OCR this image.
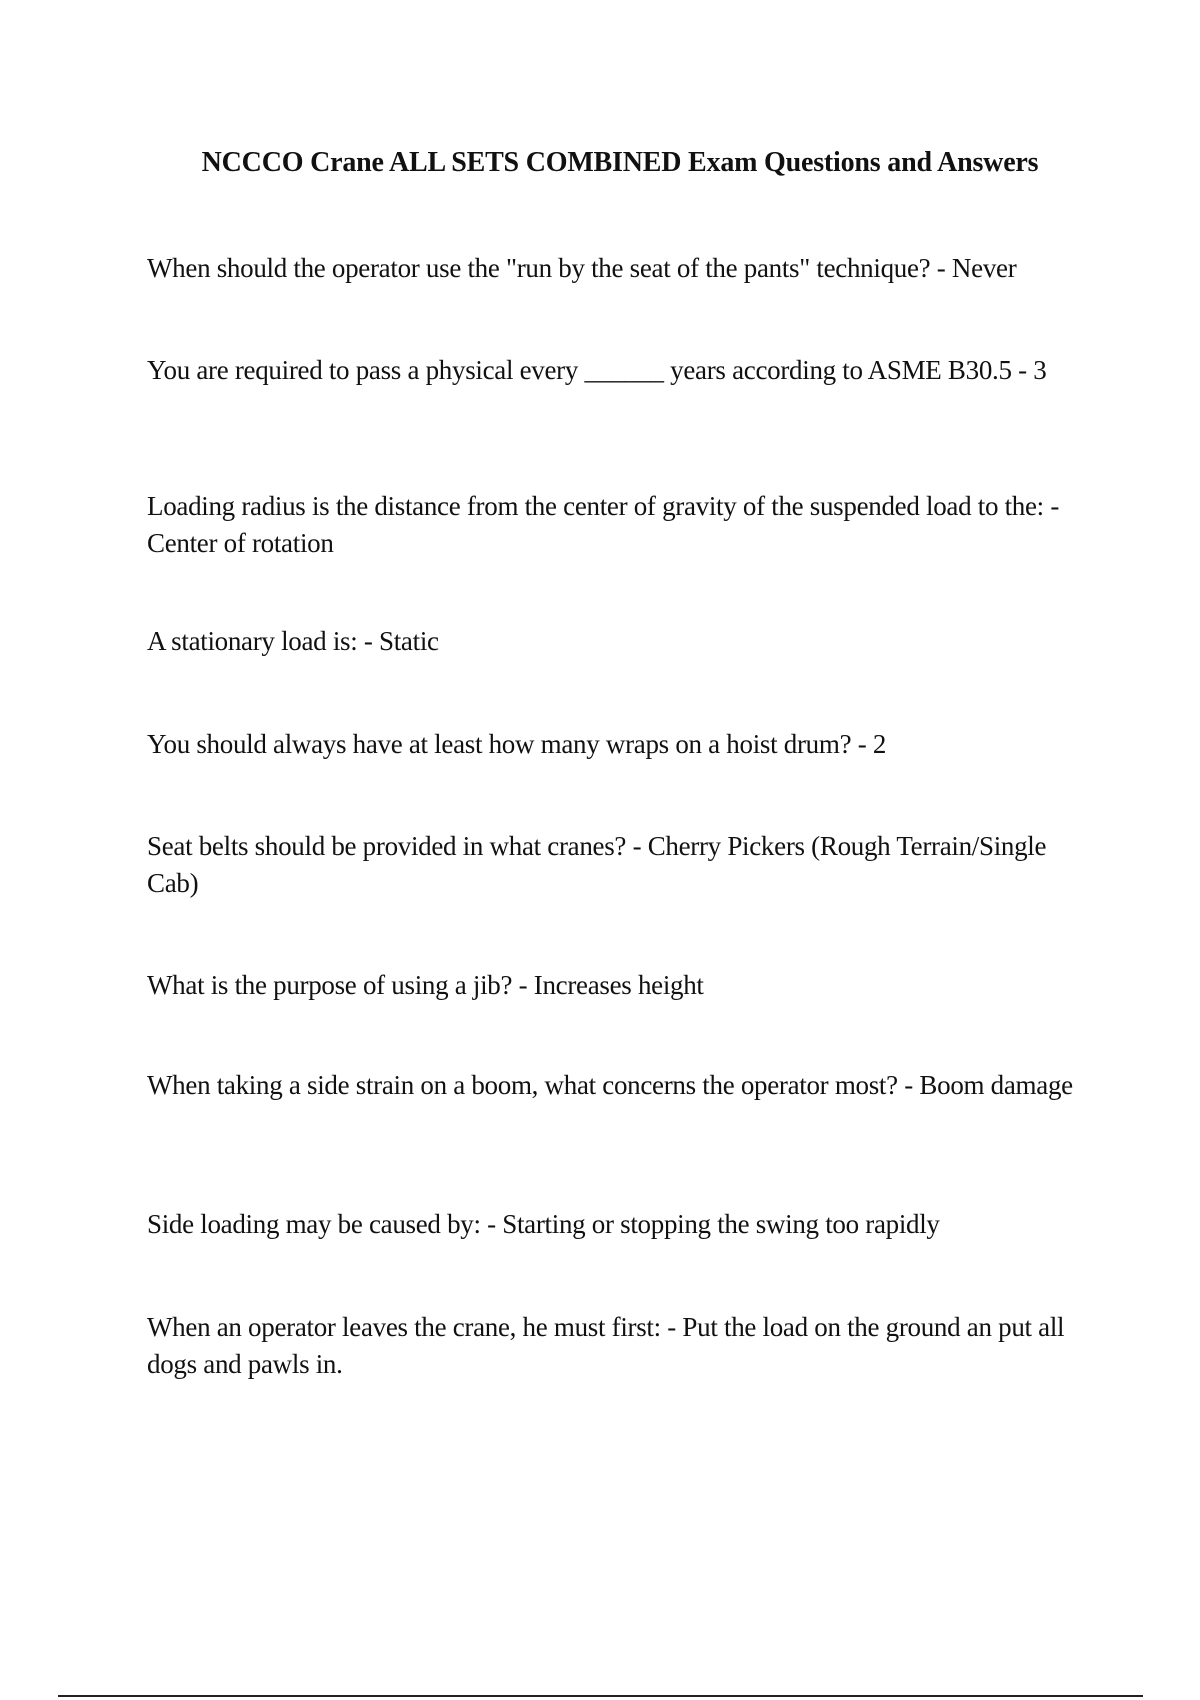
NCCCO Crane ALL SETS COMBINED Exam Questions and Answers
When should the operator use the "run by the seat of the pants" technique? - Never
You are required to pass a physical every ______ years according to ASME B30.5 - 3
Loading radius is the distance from the center of gravity of the suspended load to the: - Center of rotation
A stationary load is: - Static
You should always have at least how many wraps on a hoist drum? - 2
Seat belts should be provided in what cranes? - Cherry Pickers (Rough Terrain/Single Cab)
What is the purpose of using a jib? - Increases height
When taking a side strain on a boom, what concerns the operator most? - Boom damage
Side loading may be caused by: - Starting or stopping the swing too rapidly
When an operator leaves the crane, he must first: - Put the load on the ground an put all dogs and pawls in.
